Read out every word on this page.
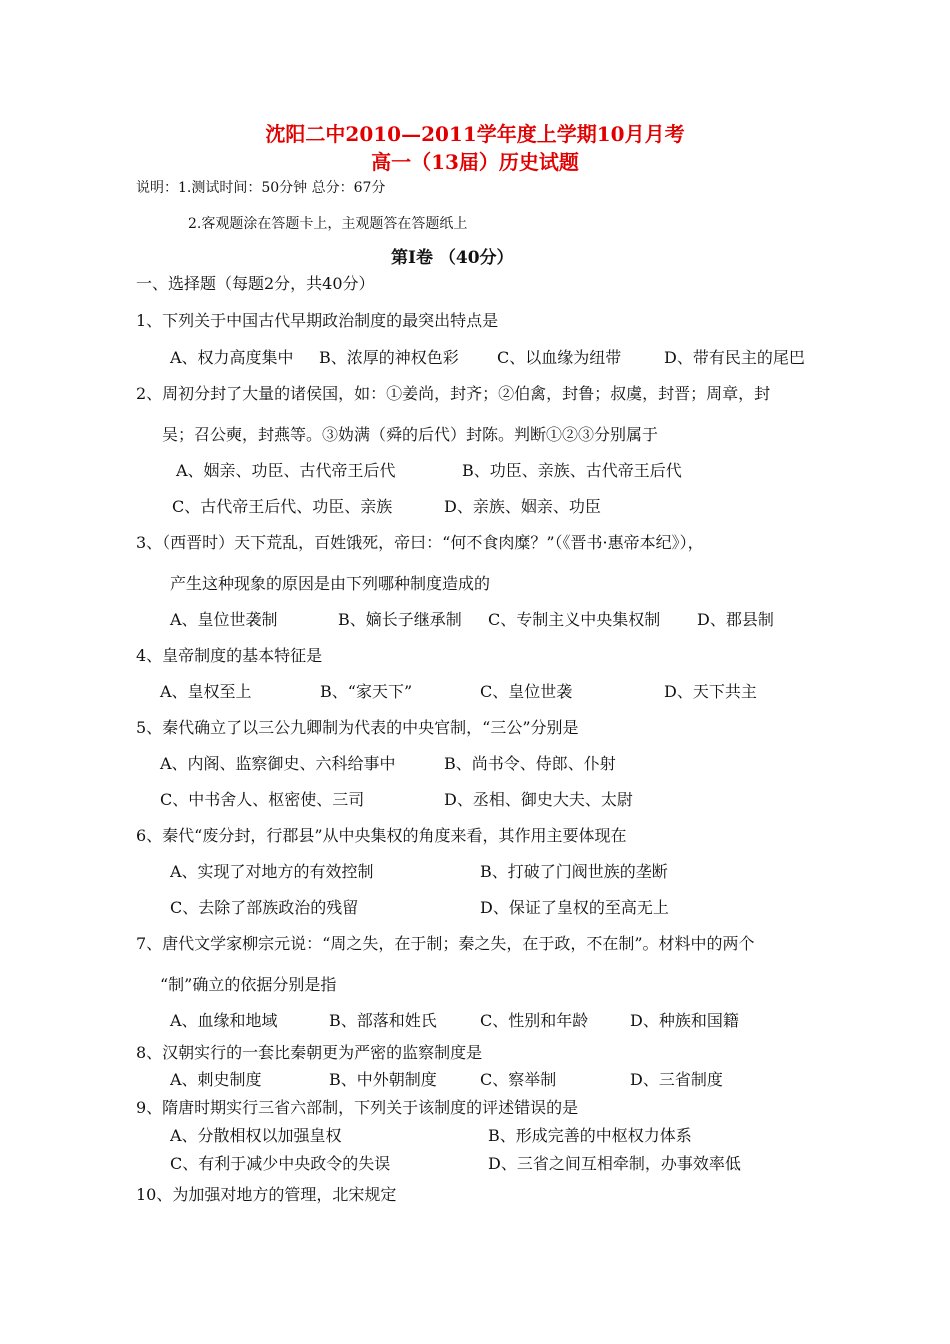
沈阳二中2010—2011学年度上学期10月月考
高一（13届）历史试题
说明：1.测试时间：50分钟 总分：67分
2.客观题涂在答题卡上，主观题答在答题纸上
第Ⅰ卷 （40分）
一、选择题（每题2分，共40分）
1、下列关于中国古代早期政治制度的最突出特点是
A、权力高度集中 B、浓厚的神权色彩 C、以血缘为纽带	D、带有民主的尾巴
2、周初分封了大量的诸侯国，如：①姜尚，封齐；②伯禽，封鲁；叔虞，封晋；周章，封
吴；召公奭，封燕等。③妫满（舜的后代）封陈。判断①②③分别属于
A、姻亲、功臣、古代帝王后代	B、功臣、亲族、古代帝王后代
C、古代帝王后代、功臣、亲族	D、亲族、姻亲、功臣
3、（西晋时）天下荒乱，百姓饿死，帝曰：“何不食肉糜？”（《晋书·惠帝本纪》），
产生这种现象的原因是由下列哪种制度造成的
A、皇位世袭制	B、嫡长子继承制 C、专制主义中央集权制 D、郡县制
4、皇帝制度的基本特征是
A、皇权至上	B、“家天下”	C、皇位世袭	D、天下共主
5、秦代确立了以三公九卿制为代表的中央官制，“三公”分别是
A、内阁、监察御史、六科给事中	B、尚书令、侍郎、仆射
C、中书舍人、枢密使、三司	D、丞相、御史大夫、太尉
6、秦代“废分封，行郡县”从中央集权的角度来看，其作用主要体现在
A、实现了对地方的有效控制	B、打破了门阀世族的垄断
C、去除了部族政治的残留	D、保证了皇权的至高无上
7、唐代文学家柳宗元说：“周之失，在于制；秦之失，在于政，不在制”。材料中的两个
“制”确立的依据分别是指
A、血缘和地域	B、部落和姓氏	C、性别和年龄	D、种族和国籍
8、汉朝实行的一套比秦朝更为严密的监察制度是
A、刺史制度	B、中外朝制度	C、察举制	D、三省制度
9、隋唐时期实行三省六部制，下列关于该制度的评述错误的是
A、分散相权以加强皇权	B、形成完善的中枢权力体系
C、有利于减少中央政令的失误	D、三省之间互相牵制，办事效率低
10、为加强对地方的管理，北宋规定
